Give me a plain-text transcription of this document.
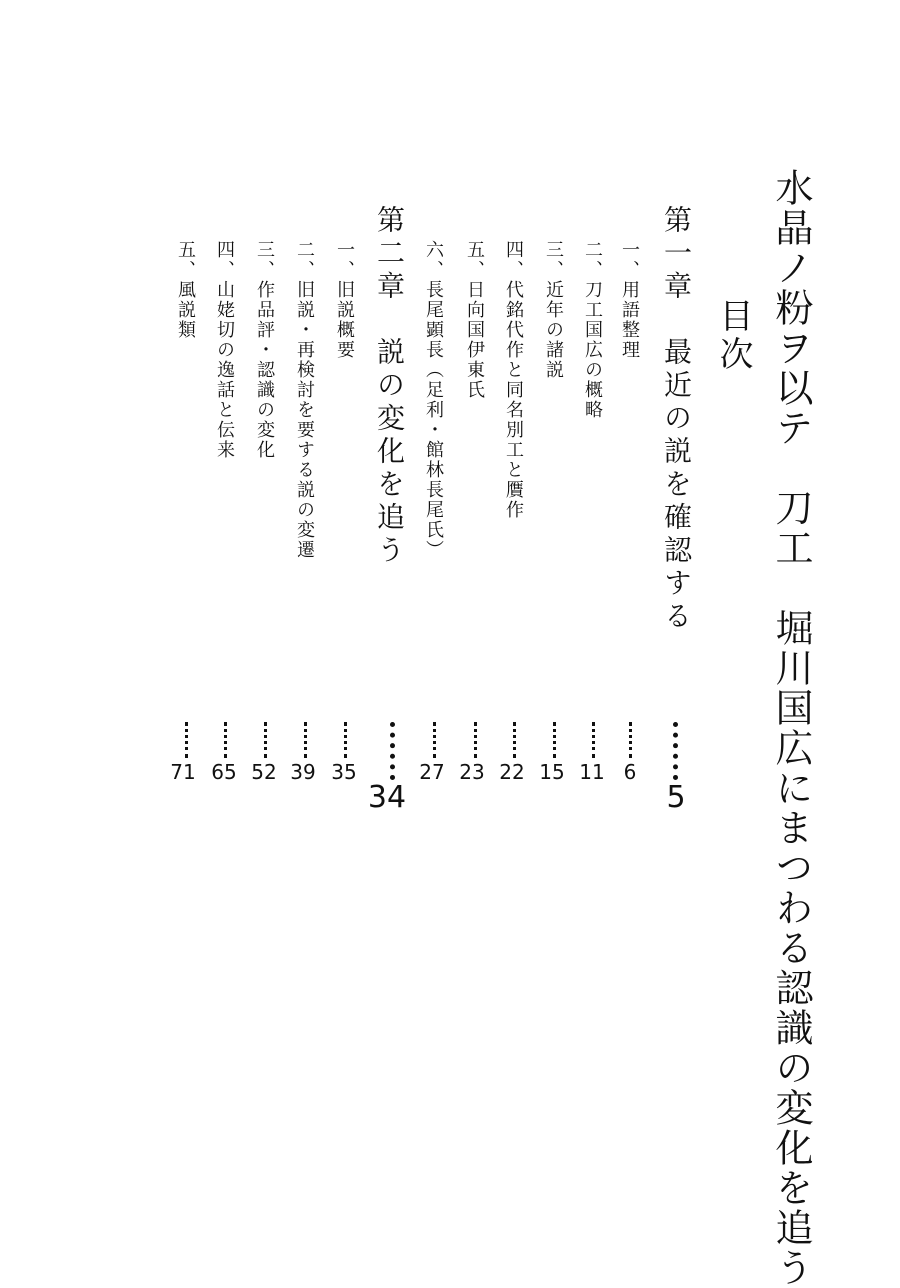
水晶ノ粉ヲ以テ　刀工　堀川国広にまつわる認識の変化を追う
目次
第一章　最近の説を確認する
5
一、用語整理
6
二、刀工国広の概略
11
三、近年の諸説
15
四、代銘代作と同名別工と贋作
22
五、日向国伊東氏
23
六、長尾顕長（足利・館林長尾氏）
27
第二章　説の変化を追う
34
一、旧説概要
35
二、旧説・再検討を要する説の変遷
39
三、作品評・認識の変化
52
四、山姥切の逸話と伝来
65
五、風説類
71
